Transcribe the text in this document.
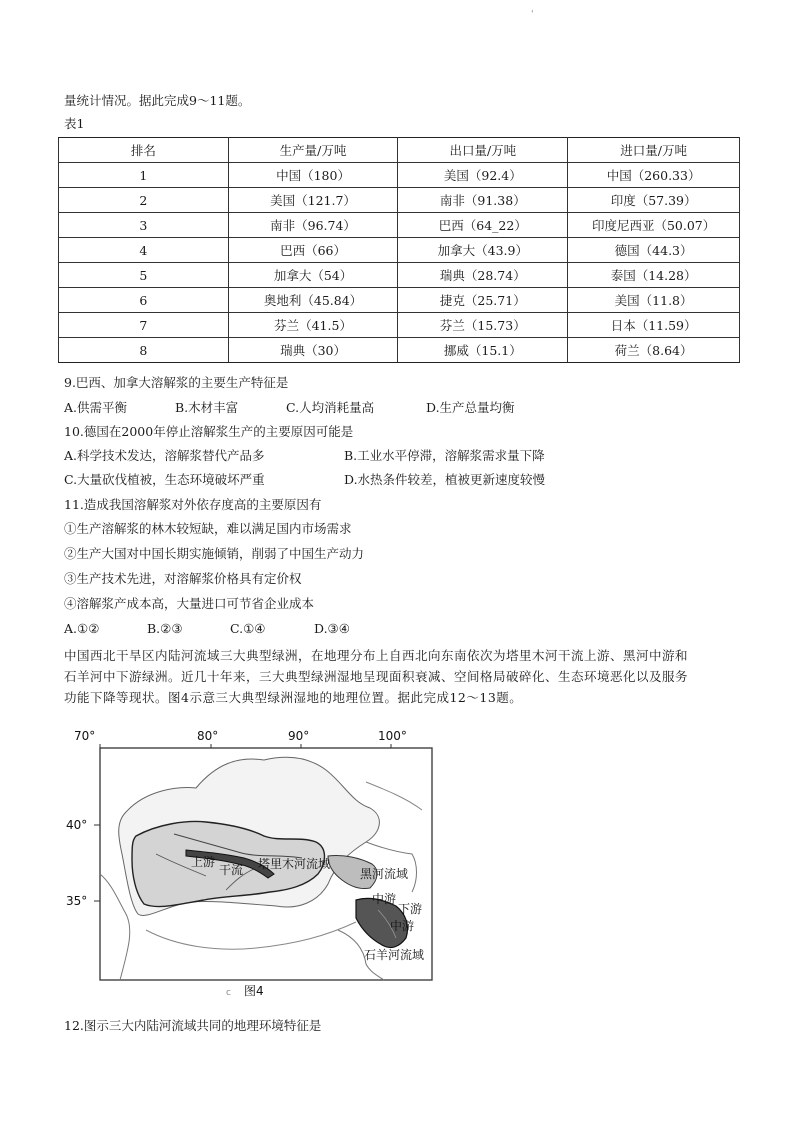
'
量统计情况。据此完成9～11题。
表1
排名	生产量/万吨	出口量/万吨	进口量/万吨
1	中国（180）	美国（92.4）	中国（260.33）
2	美国（121.7）	南非（91.38）	印度（57.39）
3	南非（96.74）	巴西（64_22）	印度尼西亚（50.07）
4	巴西（66）	加拿大（43.9）	德国（44.3）
5	加拿大（54）	瑞典（28.74）	泰国（14.28）
6	奥地利（45.84）	捷克（25.71）	美国（11.8）
7	芬兰（41.5）	芬兰（15.73）	日本（11.59）
8	瑞典（30）	挪威（15.1）	荷兰（8.64）
9.巴西、加拿大溶解浆的主要生产特征是
A.供需平衡	B.木材丰富	C.人均消耗量高	D.生产总量均衡
10.德国在2000年停止溶解浆生产的主要原因可能是
A.科学技术发达，溶解浆替代产品多	B.工业水平停滞，溶解浆需求量下降
C.大量砍伐植被，生态环境破坏严重	D.水热条件较差，植被更新速度较慢
11.造成我国溶解浆对外依存度高的主要原因有
①生产溶解浆的林木较短缺，难以满足国内市场需求
②生产大国对中国长期实施倾销，削弱了中国生产动力
③生产技术先进，对溶解浆价格具有定价权
④溶解浆产成本高，大量进口可节省企业成本
A.①②	B.②③	C.①④	D.③④
中国西北干旱区内陆河流域三大典型绿洲，在地理分布上自西北向东南依次为塔里木河干流上游、黑河中游和
石羊河中下游绿洲。近几十年来，三大典型绿洲湿地呈现面积衰减、空间格局破碎化、生态环境恶化以及服务
功能下降等现状。图4示意三大典型绿洲湿地的地理位置。据此完成12～13题。
70°	80°	90°	100°
40°
35°
上游
干流 塔里木河流域
黑河流域
中游
下游
中游
石羊河流域
c 图4
12.图示三大内陆河流域共同的地理环境特征是
